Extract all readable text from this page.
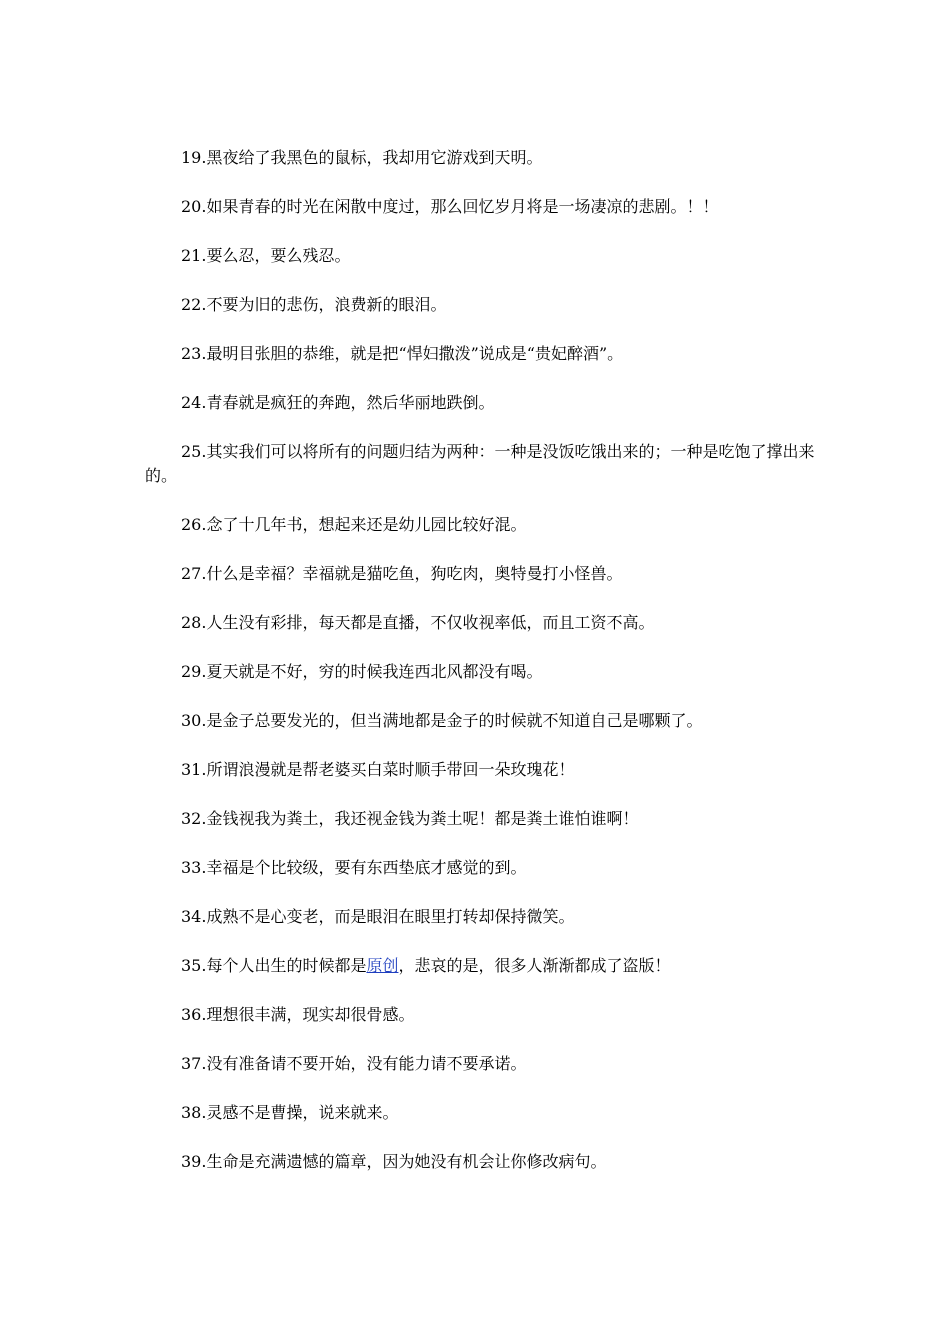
19.黑夜给了我黑色的鼠标，我却用它游戏到天明。

20.如果青春的时光在闲散中度过，那么回忆岁月将是一场凄凉的悲剧。！！

21.要么忍，要么残忍。

22.不要为旧的悲伤，浪费新的眼泪。

23.最明目张胆的恭维，就是把“悍妇撒泼”说成是“贵妃醉酒”。

24.青春就是疯狂的奔跑，然后华丽地跌倒。

25.其实我们可以将所有的问题归结为两种：一种是没饭吃饿出来的；一种是吃饱了撑出来的。

26.念了十几年书，想起来还是幼儿园比较好混。

27.什么是幸福？幸福就是猫吃鱼，狗吃肉，奥特曼打小怪兽。

28.人生没有彩排，每天都是直播，不仅收视率低，而且工资不高。

29.夏天就是不好，穷的时候我连西北风都没有喝。

30.是金子总要发光的，但当满地都是金子的时候就不知道自己是哪颗了。

31.所谓浪漫就是帮老婆买白菜时顺手带回一朵玫瑰花！

32.金钱视我为粪土，我还视金钱为粪土呢！都是粪土谁怕谁啊！

33.幸福是个比较级，要有东西垫底才感觉的到。

34.成熟不是心变老，而是眼泪在眼里打转却保持微笑。

35.每个人出生的时候都是原创，悲哀的是，很多人渐渐都成了盗版！

36.理想很丰满，现实却很骨感。

37.没有准备请不要开始，没有能力请不要承诺。

38.灵感不是曹操，说来就来。

39.生命是充满遗憾的篇章，因为她没有机会让你修改病句。
